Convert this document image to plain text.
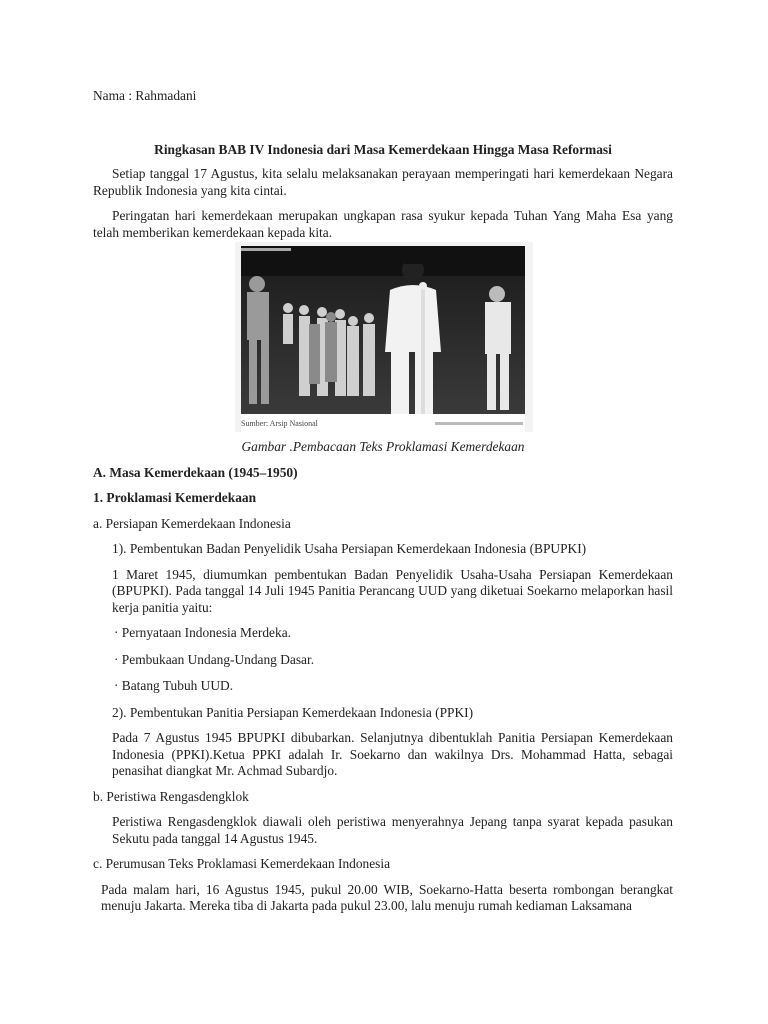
Nama : Rahmadani

Ringkasan BAB IV Indonesia dari Masa Kemerdekaan Hingga Masa Reformasi

Setiap tanggal 17 Agustus, kita selalu melaksanakan perayaan memperingati hari kemerdekaan Negara Republik Indonesia yang kita cintai.

Peringatan hari kemerdekaan merupakan ungkapan rasa syukur kepada Tuhan Yang Maha Esa yang telah memberikan kemerdekaan kepada kita.

Sumber: Arsip Nasional

Gambar .Pembacaan Teks Proklamasi Kemerdekaan

A. Masa Kemerdekaan (1945–1950)

1. Proklamasi Kemerdekaan

a. Persiapan Kemerdekaan Indonesia

1). Pembentukan Badan Penyelidik Usaha Persiapan Kemerdekaan Indonesia (BPUPKI)

1 Maret 1945, diumumkan pembentukan Badan Penyelidik Usaha-Usaha Persiapan Kemerdekaan (BPUPKI). Pada tanggal 14 Juli 1945 Panitia Perancang UUD yang diketuai Soekarno melaporkan hasil kerja panitia yaitu:

· Pernyataan Indonesia Merdeka.

· Pembukaan Undang-Undang Dasar.

· Batang Tubuh UUD.

2). Pembentukan Panitia Persiapan Kemerdekaan Indonesia (PPKI)

Pada 7 Agustus 1945 BPUPKI dibubarkan. Selanjutnya dibentuklah Panitia Persiapan Kemerdekaan Indonesia (PPKI).Ketua PPKI adalah Ir. Soekarno dan wakilnya Drs. Mohammad Hatta, sebagai penasihat diangkat Mr. Achmad Subardjo.

b. Peristiwa Rengasdengklok

Peristiwa Rengasdengklok diawali oleh peristiwa menyerahnya Jepang tanpa syarat kepada pasukan Sekutu pada tanggal 14 Agustus 1945.

c. Perumusan Teks Proklamasi Kemerdekaan Indonesia

Pada malam hari, 16 Agustus 1945, pukul 20.00 WIB, Soekarno-Hatta beserta rombongan berangkat menuju Jakarta. Mereka tiba di Jakarta pada pukul 23.00, lalu menuju rumah kediaman Laksamana
